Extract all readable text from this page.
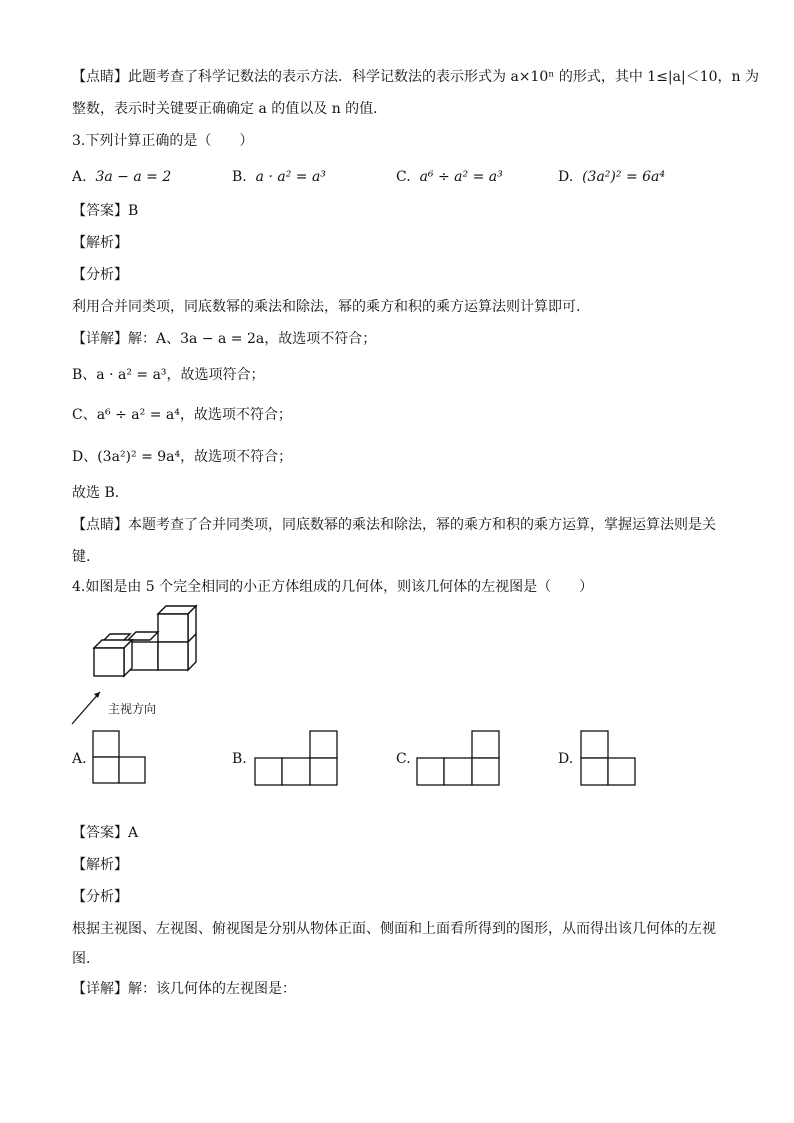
【点睛】此题考查了科学记数法的表示方法．科学记数法的表示形式为 a×10ⁿ 的形式，其中 1≤|a|＜10，n 为
整数，表示时关键要正确确定 a 的值以及 n 的值．
3.下列计算正确的是（　　）
A. 3a − a = 2	B. a · a² = a³	C. a⁶ ÷ a² = a³	D. (3a²)² = 6a⁴
【答案】B
【解析】
【分析】
利用合并同类项，同底数幂的乘法和除法，幂的乘方和积的乘方运算法则计算即可.
【详解】解：A、3a − a = 2a，故选项不符合；
B、a · a² = a³，故选项符合；
C、a⁶ ÷ a² = a⁴，故选项不符合；
D、(3a²)² = 9a⁴，故选项不符合；
故选 B.
【点睛】本题考查了合并同类项，同底数幂的乘法和除法，幂的乘方和积的乘方运算，掌握运算法则是关
键.
4.如图是由 5 个完全相同的小正方体组成的几何体，则该几何体的左视图是（　　）
主视方向
A.	B.	C.	D.
【答案】A
【解析】
【分析】
根据主视图、左视图、俯视图是分别从物体正面、侧面和上面看所得到的图形，从而得出该几何体的左视
图．
【详解】解：该几何体的左视图是：
